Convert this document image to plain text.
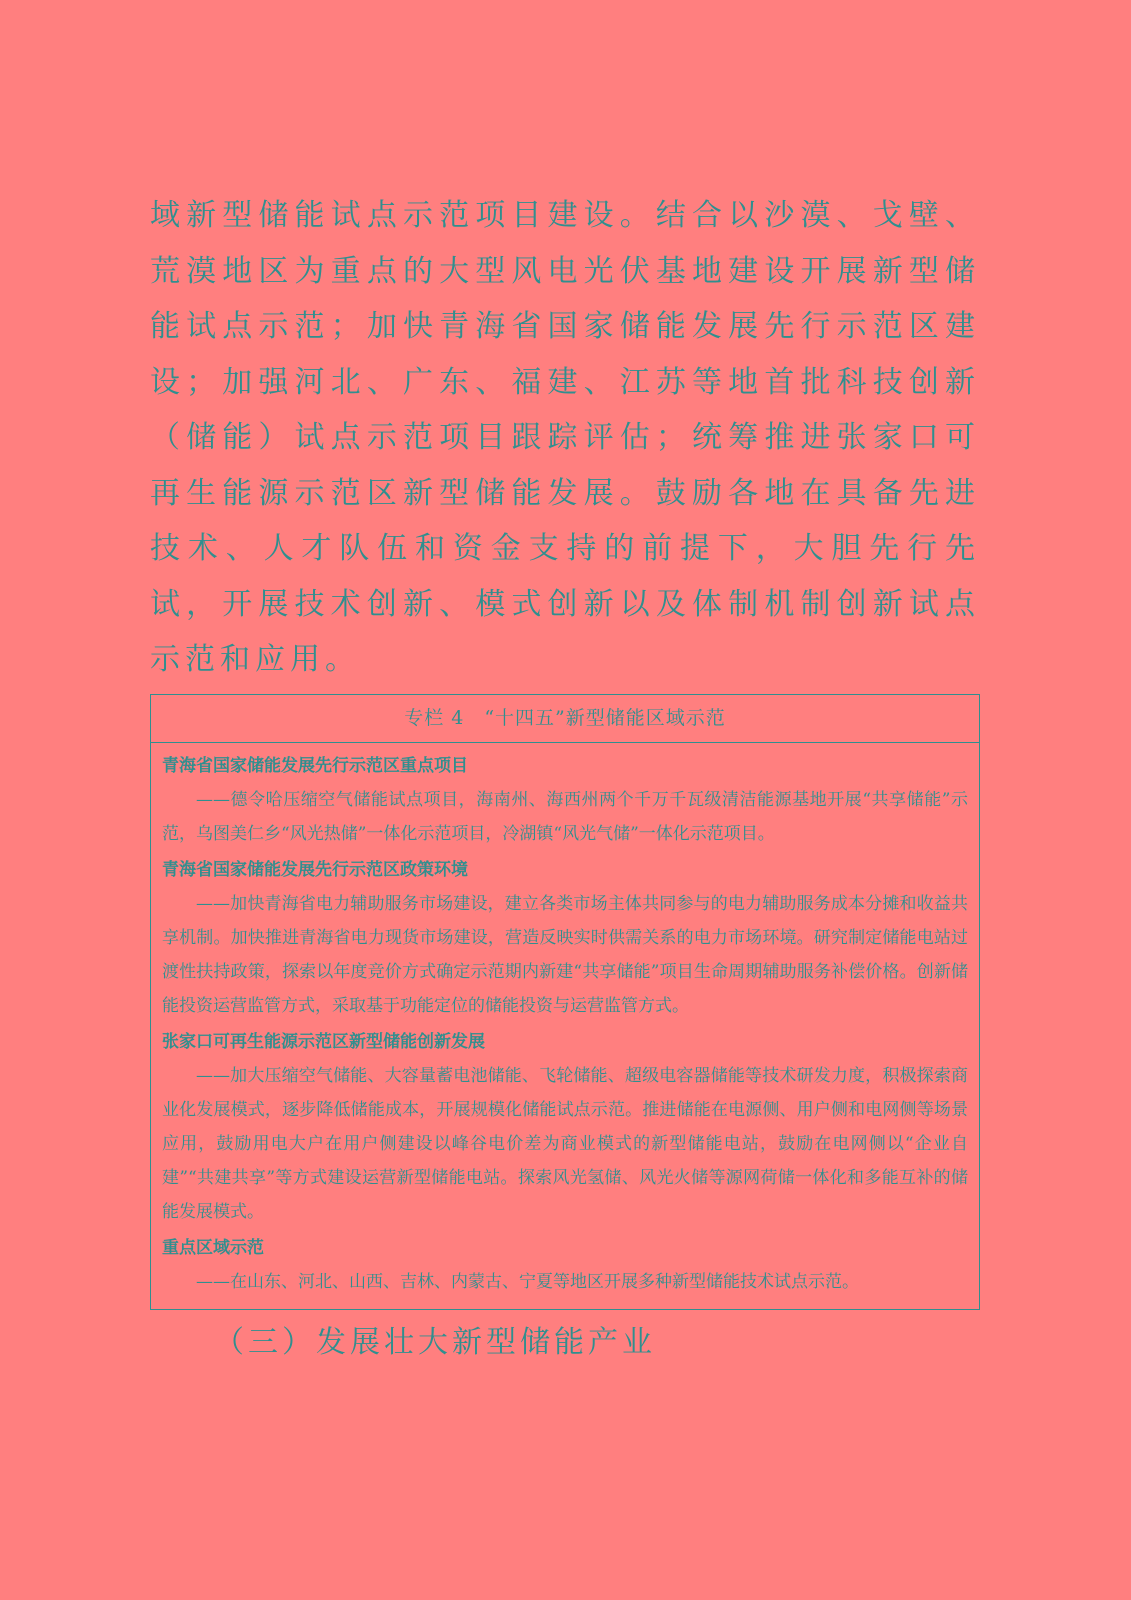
域新型储能试点示范项目建设。结合以沙漠、戈壁、荒漠地区为重点的大型风电光伏基地建设开展新型储能试点示范；加快青海省国家储能发展先行示范区建设；加强河北、广东、福建、江苏等地首批科技创新（储能）试点示范项目跟踪评估；统筹推进张家口可再生能源示范区新型储能发展。鼓励各地在具备先进技术、人才队伍和资金支持的前提下，大胆先行先试，开展技术创新、模式创新以及体制机制创新试点示范和应用。

专栏 4　“十四五”新型储能区域示范
青海省国家储能发展先行示范区重点项目
——德令哈压缩空气储能试点项目，海南州、海西州两个千万千瓦级清洁能源基地开展“共享储能”示范，乌图美仁乡“风光热储”一体化示范项目，冷湖镇“风光气储”一体化示范项目。
青海省国家储能发展先行示范区政策环境
——加快青海省电力辅助服务市场建设，建立各类市场主体共同参与的电力辅助服务成本分摊和收益共享机制。加快推进青海省电力现货市场建设，营造反映实时供需关系的电力市场环境。研究制定储能电站过渡性扶持政策，探索以年度竞价方式确定示范期内新建“共享储能”项目生命周期辅助服务补偿价格。创新储能投资运营监管方式，采取基于功能定位的储能投资与运营监管方式。
张家口可再生能源示范区新型储能创新发展
——加大压缩空气储能、大容量蓄电池储能、飞轮储能、超级电容器储能等技术研发力度，积极探索商业化发展模式，逐步降低储能成本，开展规模化储能试点示范。推进储能在电源侧、用户侧和电网侧等场景应用，鼓励用电大户在用户侧建设以峰谷电价差为商业模式的新型储能电站，鼓励在电网侧以“企业自建”“共建共享”等方式建设运营新型储能电站。探索风光氢储、风光火储等源网荷储一体化和多能互补的储能发展模式。
重点区域示范
——在山东、河北、山西、吉林、内蒙古、宁夏等地区开展多种新型储能技术试点示范。
（三）发展壮大新型储能产业
